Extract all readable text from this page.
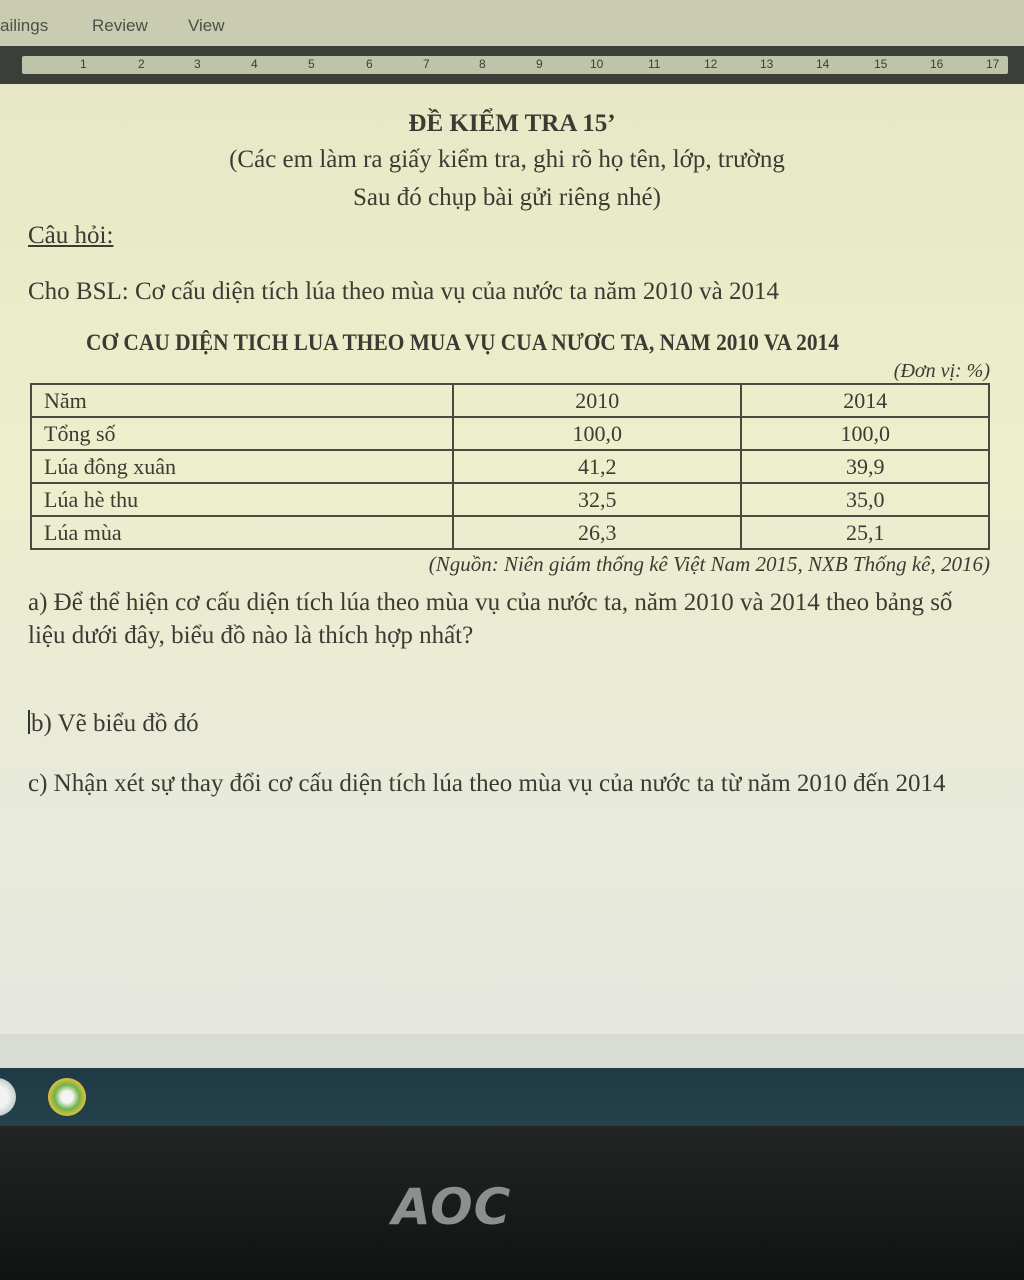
ailings	Review View
1	2	3	4	5	6	7	8	9	10	11	12	13	14	15	16	17
ĐỀ KIỂM TRA 15’
(Các em làm ra giấy kiểm tra, ghi rõ họ tên, lớp, trường
Sau đó chụp bài gửi riêng nhé)
Câu hỏi:
Cho BSL: Cơ cấu diện tích lúa theo mùa vụ của nước ta năm 2010 và 2014
CƠ CAU DIỆN TICH LUA THEO MUA VỤ CUA NƯƠC TA, NAM 2010 VA 2014
(Đơn vị: %)
Năm	2010	2014
Tổng số	100,0	100,0
Lúa đông xuân	41,2	39,9
Lúa hè thu	32,5	35,0
Lúa mùa	26,3	25,1
(Nguồn: Niên giám thống kê Việt Nam 2015, NXB Thống kê, 2016)
a) Để thể hiện cơ cấu diện tích lúa theo mùa vụ của nước ta, năm 2010 và 2014 theo bảng số liệu dưới đây, biểu đồ nào là thích hợp nhất?
b) Vẽ biểu đồ đó
c) Nhận xét sự thay đổi cơ cấu diện tích lúa theo mùa vụ của nước ta từ năm 2010 đến 2014
AOC
